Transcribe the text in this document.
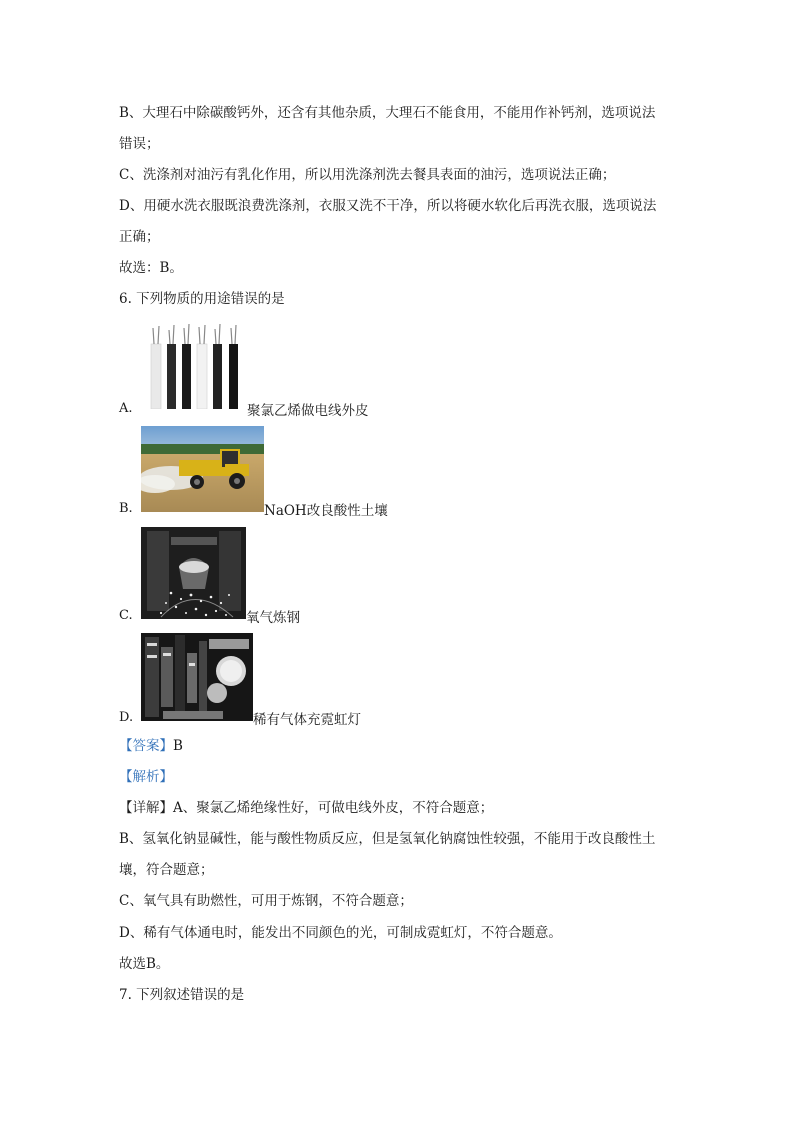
B、大理石中除碳酸钙外，还含有其他杂质，大理石不能食用，不能用作补钙剂，选项说法
错误；
C、洗涤剂对油污有乳化作用，所以用洗涤剂洗去餐具表面的油污，选项说法正确；
D、用硬水洗衣服既浪费洗涤剂，衣服又洗不干净，所以将硬水软化后再洗衣服，选项说法
正确；
故选：B。
6. 下列物质的用途错误的是
A.	聚氯乙烯做电线外皮
B.	NaOH改良酸性土壤
C.	氧气炼钢
D.	稀有气体充霓虹灯
【答案】B
【解析】
【详解】A、聚氯乙烯绝缘性好，可做电线外皮，不符合题意；
B、氢氧化钠显碱性，能与酸性物质反应，但是氢氧化钠腐蚀性较强，不能用于改良酸性土
壤，符合题意；
C、氧气具有助燃性，可用于炼钢，不符合题意；
D、稀有气体通电时，能发出不同颜色的光，可制成霓虹灯，不符合题意。
故选B。
7. 下列叙述错误的是
